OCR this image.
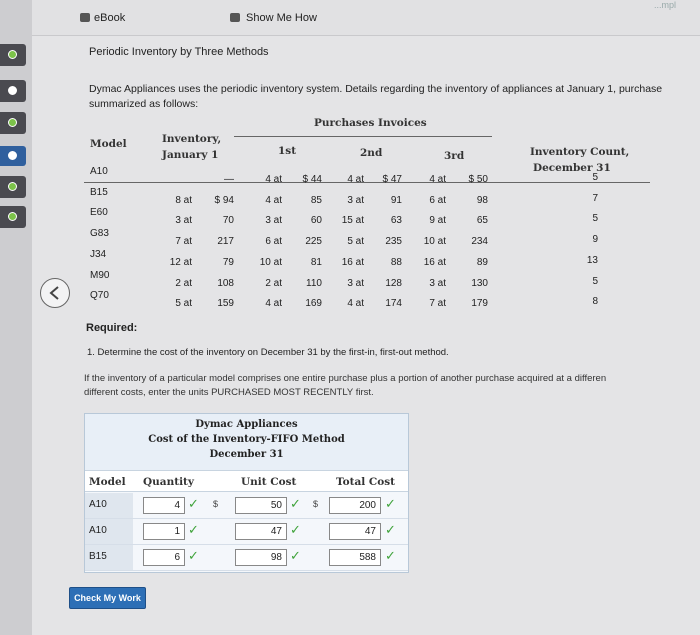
eBook	Show Me How
...mpl
Periodic Inventory by Three Methods
Dymac Appliances uses the periodic inventory system. Details regarding the inventory of appliances at January 1, purchase
summarized as follows:
Purchases Invoices
Model	Inventory,
January 1	1st	2nd	3rd	Inventory Count,
December 31
A10
—	4 at	$ 44	4 at	$ 47	4 at	$ 50	5
B15
8 at	$ 94	4 at	85	3 at	91	6 at	98	7
E60
3 at	70	3 at	60	15 at	63	9 at	65	5
G83
7 at	217	6 at	225	5 at	235	10 at	234	9
J34
12 at	79	10 at	81	16 at	88	16 at	89	13
M90
2 at	108	2 at	110	3 at	128	3 at	130	5
Q70
5 at	159	4 at	169	4 at	174	7 at	179	8
Required:
1. Determine the cost of the inventory on December 31 by the first-in, first-out method.
If the inventory of a particular model comprises one entire purchase plus a portion of another purchase acquired at a differen
different costs, enter the units PURCHASED MOST RECENTLY first.
Dymac Appliances
Cost of the Inventory-FIFO Method
December 31
Model Quantity	Unit Cost	Total Cost
A10	4 ✓ $	50 ✓ $	200 ✓
A10	1 ✓	47 ✓	47 ✓
B15	6 ✓	98 ✓	588 ✓
Check My Work
